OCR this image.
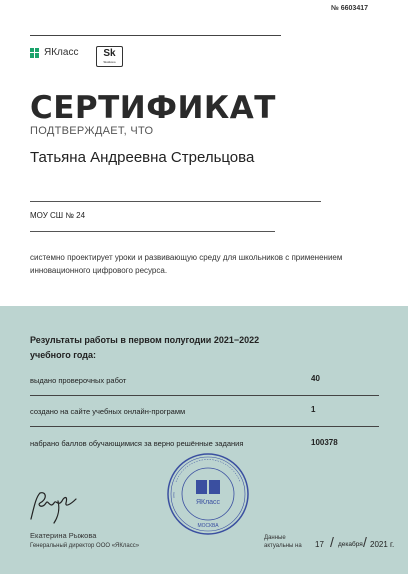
№ 6603417
ЯКласс	Sk
Skolkovo
СЕРТИФИКАТ
ПОДТВЕРЖДАЕТ, ЧТО
Татьяна Андреевна Стрельцова
МОУ СШ № 24
системно проектирует уроки и развивающую среду для школьников с применением инновационного цифрового ресурса.
Результаты работы в первом полугодии 2021−2022 учебного года:
выдано проверочных работ	40
создано на сайте учебных онлайн-программ	1
набрано баллов обучающимися за верно решённые задания	100378
Екатерина Рыжова
Генеральный директор ООО «ЯКласс»
ЯКласс
МОСКВА
Данные
актуальны на 17 / декабря / 2021 г.
